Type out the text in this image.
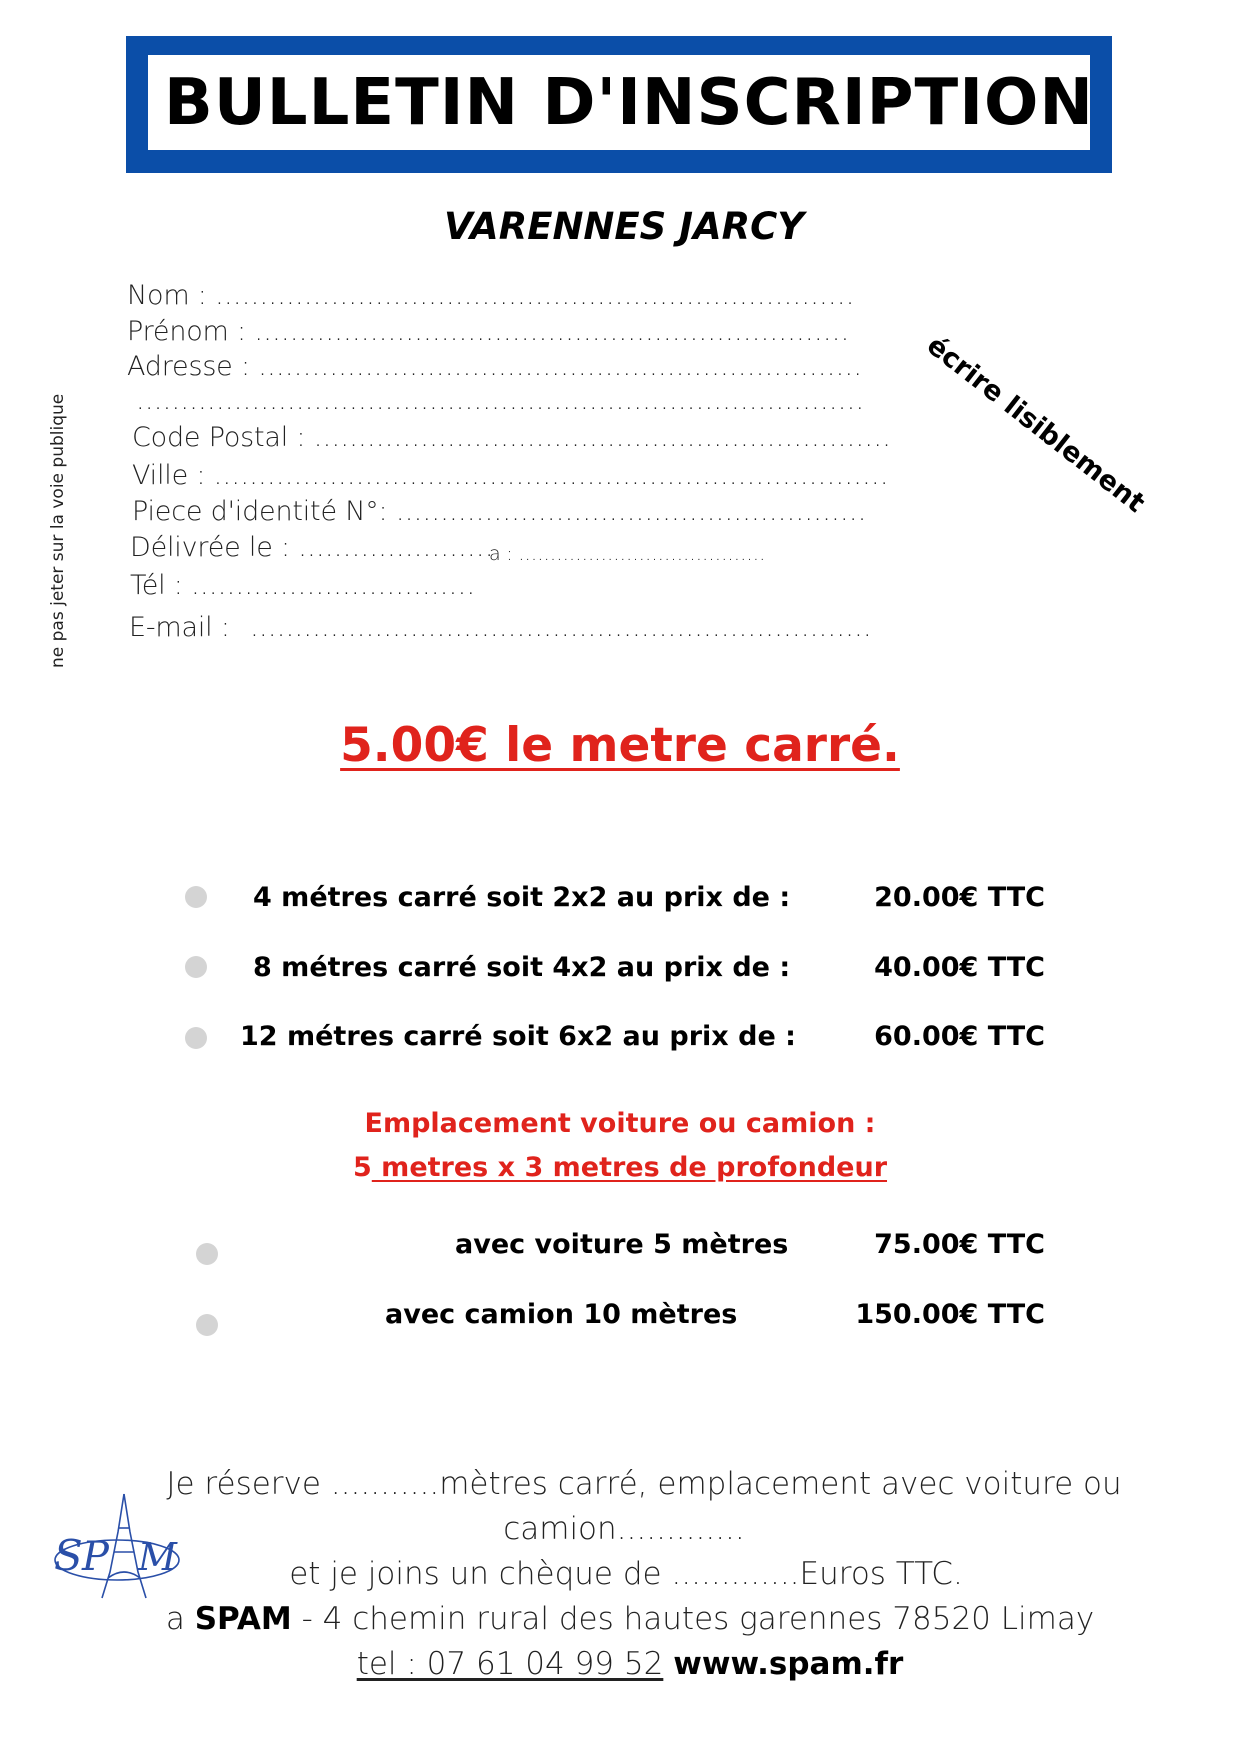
BULLETIN D'INSCRIPTION
VARENNES JARCY
écrire lisiblement
ne pas jeter sur la voie publique
Nom : ........................................................................
Prénom : ...................................................................
Adresse : ....................................................................
..................................................................................
Code Postal : .................................................................
Ville : ............................................................................
Piece d'identité N°: .....................................................
Délivrée le : ......................
a : .......................................
Tél : ................................
E-mail : ......................................................................
5.00€ le metre carré.
4 métres carré soit 2x2 au prix de :	20.00€ TTC
8 métres carré soit 4x2 au prix de :	40.00€ TTC
12 métres carré soit 6x2 au prix de :	60.00€ TTC
Emplacement voiture ou camion :
5 metres x 3 metres de profondeur
avec voiture 5 mètres	75.00€ TTC
avec camion 10 mètres	150.00€ TTC
Je réserve ...........mètres carré, emplacement avec voiture ou
camion.............
et je joins un chèque de .............Euros TTC.
a SPAM - 4 chemin rural des hautes garennes 78520 Limay
tel : 07 61 04 99 52 www.spam.fr
S P M
